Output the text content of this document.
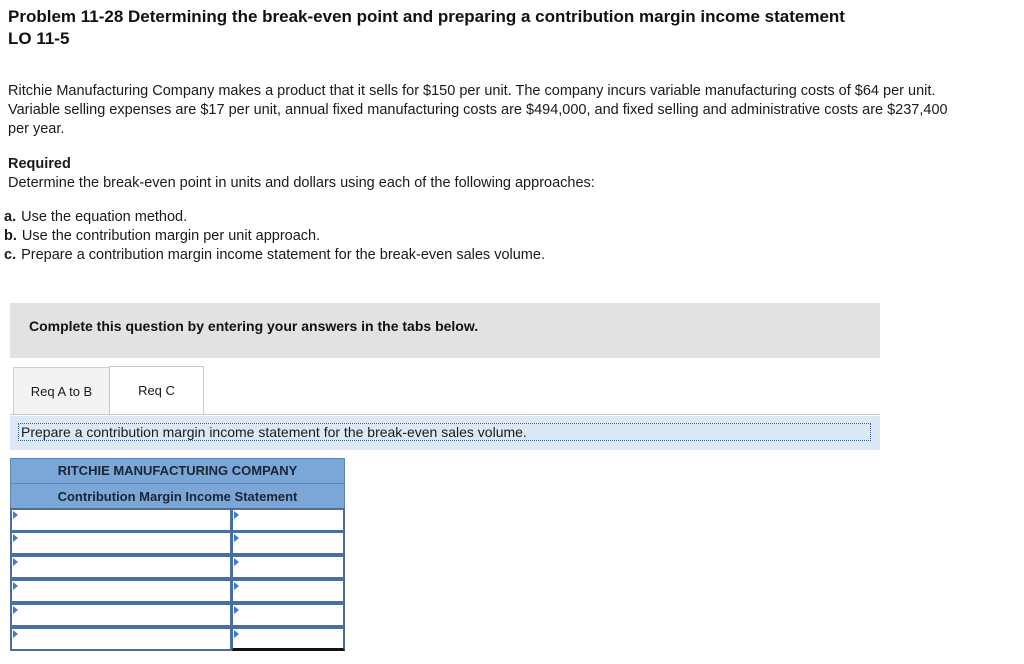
Problem 11-28 Determining the break-even point and preparing a contribution margin income statement
LO 11-5

Ritchie Manufacturing Company makes a product that it sells for $150 per unit. The company incurs variable manufacturing costs of $64 per unit. Variable selling expenses are $17 per unit, annual fixed manufacturing costs are $494,000, and fixed selling and administrative costs are $237,400 per year.

Required

Determine the break-even point in units and dollars using each of the following approaches:

a. Use the equation method.
b. Use the contribution margin per unit approach.
c. Prepare a contribution margin income statement for the break-even sales volume.
Complete this question by entering your answers in the tabs below.
Req A to B	Req C
Prepare a contribution margin income statement for the break-even sales volume.
RITCHIE MANUFACTURING COMPANY
Contribution Margin Income Statement
